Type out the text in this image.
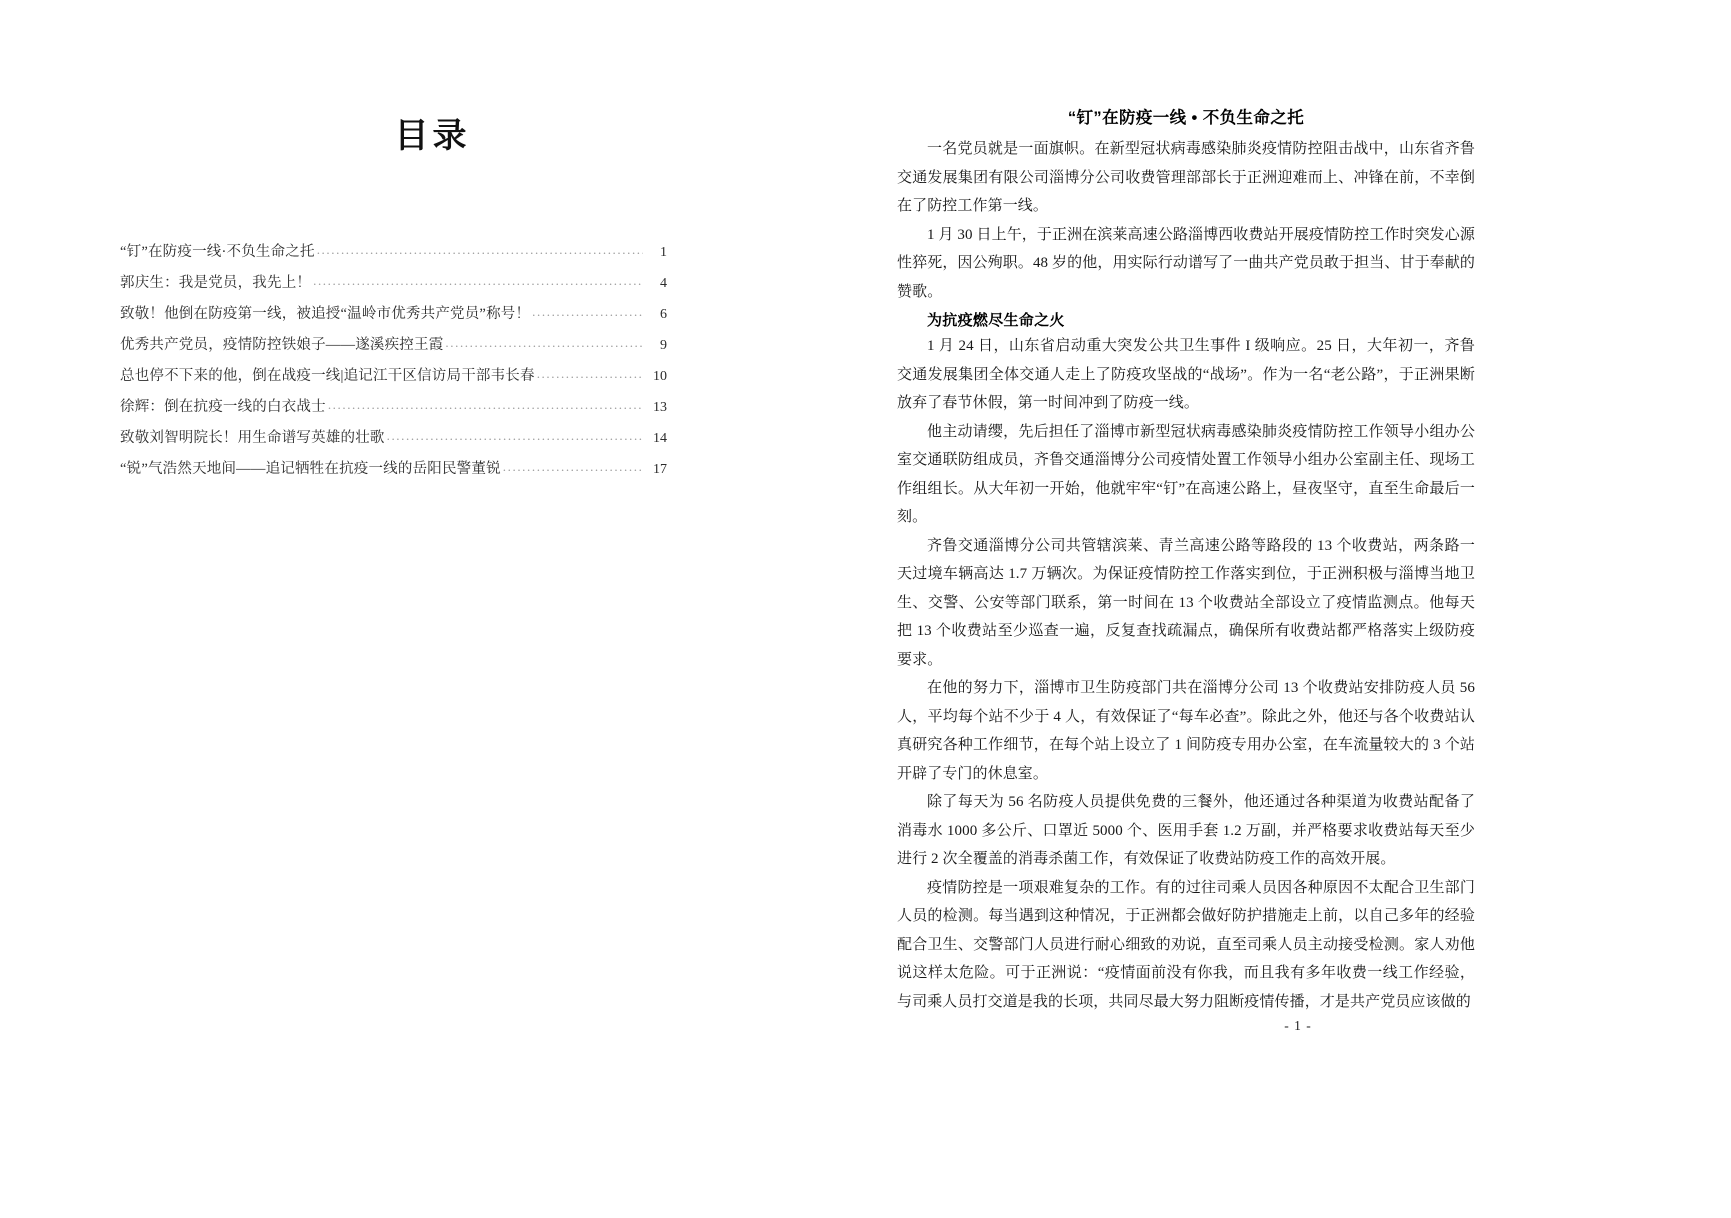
目录
“钉”在防疫一线·不负生命之托 .....	1
郭庆生：我是党员，我先上！ .....	4
致敬！他倒在防疫第一线，被追授“温岭市优秀共产党员”称号！ .....	6
优秀共产党员，疫情防控铁娘子——遂溪疾控王霞 .....	9
总也停不下来的他，倒在战疫一线|追记江干区信访局干部韦长春 .....	10
徐辉：倒在抗疫一线的白衣战士 .....	13
致敬刘智明院长！用生命谱写英雄的壮歌 .....	14
“锐”气浩然天地间——追记牺牲在抗疫一线的岳阳民警董锐 .....	17
“钉”在防疫一线 • 不负生命之托

一名党员就是一面旗帜。在新型冠状病毒感染肺炎疫情防控阻击战中，山东省齐鲁交通发展集团有限公司淄博分公司收费管理部部长于正洲迎难而上、冲锋在前，不幸倒在了防控工作第一线。

1 月 30 日上午，于正洲在滨莱高速公路淄博西收费站开展疫情防控工作时突发心源性猝死，因公殉职。48 岁的他，用实际行动谱写了一曲共产党员敢于担当、甘于奉献的赞歌。

为抗疫燃尽生命之火

1 月 24 日，山东省启动重大突发公共卫生事件 I 级响应。25 日，大年初一，齐鲁交通发展集团全体交通人走上了防疫攻坚战的“战场”。作为一名“老公路”，于正洲果断放弃了春节休假，第一时间冲到了防疫一线。

他主动请缨，先后担任了淄博市新型冠状病毒感染肺炎疫情防控工作领导小组办公室交通联防组成员，齐鲁交通淄博分公司疫情处置工作领导小组办公室副主任、现场工作组组长。从大年初一开始，他就牢牢“钉”在高速公路上，昼夜坚守，直至生命最后一刻。

齐鲁交通淄博分公司共管辖滨莱、青兰高速公路等路段的 13 个收费站，两条路一天过境车辆高达 1.7 万辆次。为保证疫情防控工作落实到位，于正洲积极与淄博当地卫生、交警、公安等部门联系，第一时间在 13 个收费站全部设立了疫情监测点。他每天把 13 个收费站至少巡查一遍，反复查找疏漏点，确保所有收费站都严格落实上级防疫要求。

在他的努力下，淄博市卫生防疫部门共在淄博分公司 13 个收费站安排防疫人员 56 人，平均每个站不少于 4 人，有效保证了“每车必查”。除此之外，他还与各个收费站认真研究各种工作细节，在每个站上设立了 1 间防疫专用办公室，在车流量较大的 3 个站开辟了专门的休息室。

除了每天为 56 名防疫人员提供免费的三餐外，他还通过各种渠道为收费站配备了消毒水 1000 多公斤、口罩近 5000 个、医用手套 1.2 万副，并严格要求收费站每天至少进行 2 次全覆盖的消毒杀菌工作，有效保证了收费站防疫工作的高效开展。

疫情防控是一项艰难复杂的工作。有的过往司乘人员因各种原因不太配合卫生部门人员的检测。每当遇到这种情况，于正洲都会做好防护措施走上前，以自己多年的经验配合卫生、交警部门人员进行耐心细致的劝说，直至司乘人员主动接受检测。家人劝他说这样太危险。可于正洲说：“疫情面前没有你我，而且我有多年收费一线工作经验，与司乘人员打交道是我的长项，共同尽最大努力阻断疫情传播，才是共产党员应该做的

- 1 -
